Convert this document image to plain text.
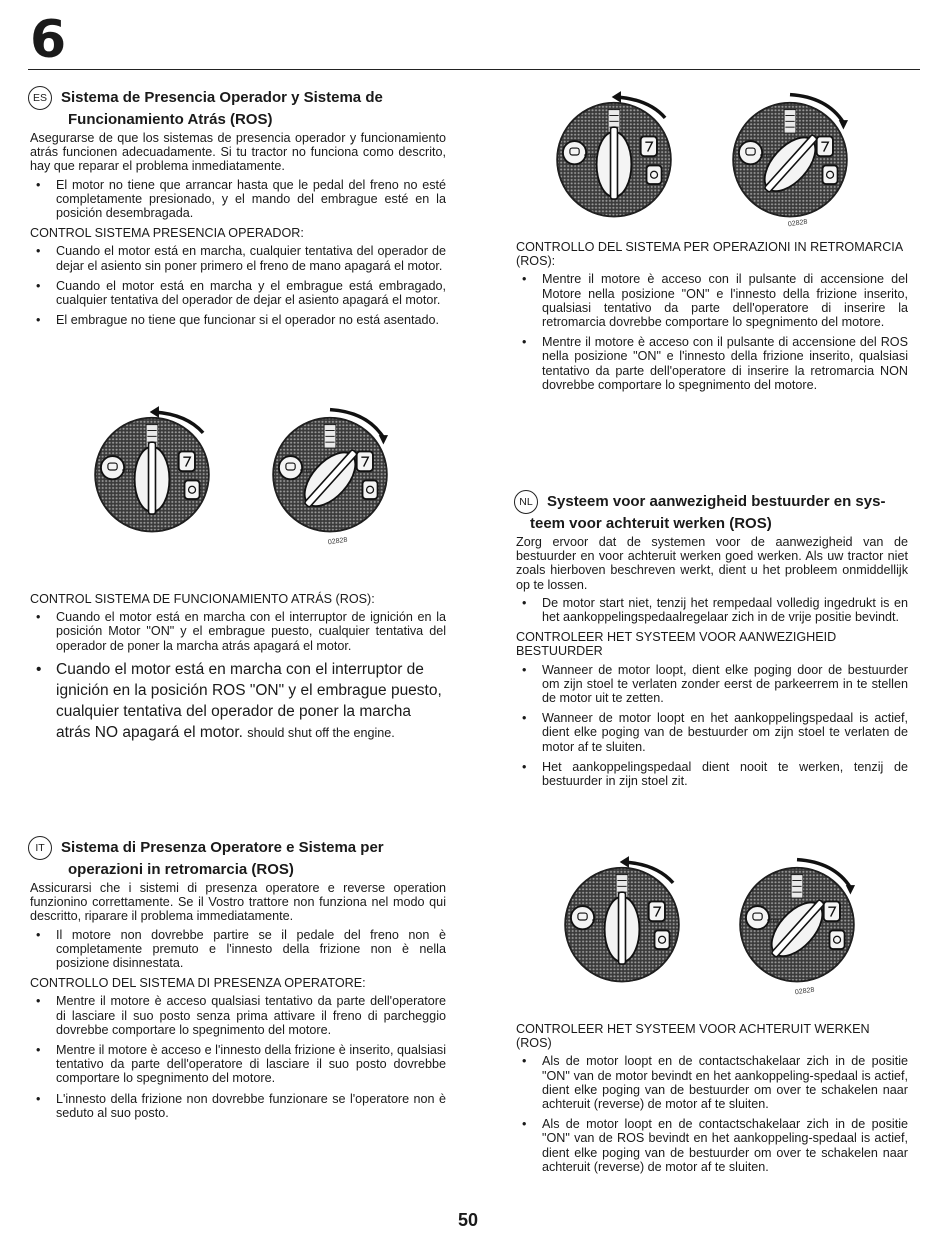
6
ES Sistema de Presencia Operador y Sistema de
Funcionamiento Atrás (ROS)

Asegurarse de que los sistemas de presencia operador y funcionamiento atrás funcionen adecuadamente. Si tu tractor no funciona como descrito, hay que reparar el problema inmediatamente.

• El motor no tiene que arrancar hasta que le pedal del freno no esté completamente presionado, y el mando del embrague esté en la posición desembragada.
CONTROL SISTEMA PRESENCIA OPERADOR:
• Cuando el motor está en marcha, cualquier tentativa del operador de dejar el asiento sin poner primero el freno de mano apagará el motor.
• Cuando el motor está en marcha y el embrague está embragado, cualquier tentativa del operador de dejar el asiento apagará el motor.
• El embrague no tiene que funcionar si el operador no está asentado.
CONTROL SISTEMA DE FUNCIONAMIENTO ATRÁS (ROS):
• Cuando el motor está en marcha con el interruptor de ignición en la posición Motor "ON" y el embrague puesto, cualquier tentativa del operador de poner la marcha atrás apagará el motor.
• Cuando el motor está en marcha con el interruptor de ignición en la posición ROS "ON" y el embrague puesto, cualquier tentativa del operador de poner la marcha atrás NO apagará el motor. should shut off the engine.
IT Sistema di Presenza Operatore e Sistema per
operazioni in retromarcia (ROS)

Assicurarsi che i sistemi di presenza operatore e reverse operation funzionino correttamente. Se il Vostro trattore non funziona nel modo qui descritto, riparare il problema immediatamente.

• Il motore non dovrebbe partire se il pedale del freno non è completamente premuto e l'innesto della frizione non è nella posizione disinnestata.
CONTROLLO DEL SISTEMA DI PRESENZA OPERATORE:
• Mentre il motore è acceso qualsiasi tentativo da parte dell'operatore di lasciare il suo posto senza prima attivare il freno di parcheggio dovrebbe comportare lo spegnimento del motore.
• Mentre il motore è acceso e l'innesto della frizione è inserito, qualsiasi tentativo da parte dell'operatore di lasciare il suo posto dovrebbe comportare lo spegnimento del motore.
• L'innesto della frizione non dovrebbe funzionare se l'operatore non è seduto al suo posto.
CONTROLLO DEL SISTEMA PER OPERAZIONI IN RETROMARCIA (ROS):
• Mentre il motore è acceso con il pulsante di accensione del Motore nella posizione "ON" e l'innesto della frizione inserito, qualsiasi tentativo da parte dell'operatore di inserire la retromarcia dovrebbe comportare lo spegnimento del motore.
• Mentre il motore è acceso con il pulsante di accensione del ROS nella posizione "ON" e l'innesto della frizione inserito, qualsiasi tentativo da parte dell'operatore di inserire la retromarcia NON dovrebbe comportare lo spegnimento del motore.
NL Systeem voor aanwezigheid bestuurder en sys-
teem voor achteruit werken (ROS)

Zorg ervoor dat de systemen voor de aanwezigheid van de bestuurder en voor achteruit werken goed werken. Als uw tractor niet zoals hierboven beschreven werkt, dient u het probleem onmiddellijk op te lossen.

• De motor start niet, tenzij het rempedaal volledig ingedrukt is en het aankoppelingspedaalregelaar zich in de vrije positie bevindt.
CONTROLEER HET SYSTEEM VOOR AANWEZIGHEID BESTUURDER
• Wanneer de motor loopt, dient elke poging door de bestuurder om zijn stoel te verlaten zonder eerst de parkeerrem in te stellen de motor uit te zetten.
• Wanneer de motor loopt en het aankoppelingspedaal is actief, dient elke poging van de bestuurder om zijn stoel te verlaten de motor af te sluiten.
• Het aankoppelingspedaal dient nooit te werken, tenzij de bestuurder in zijn stoel zit.
CONTROLEER HET SYSTEEM VOOR ACHTERUIT WERKEN (ROS)
• Als de motor loopt en de contactschakelaar zich in de positie "ON" van de motor bevindt en het aankoppeling-spedaal is actief, dient elke poging van de bestuurder om over te schakelen naar achteruit (reverse) de motor af te sluiten.
• Als de motor loopt en de contactschakelaar zich in de positie "ON" van de ROS bevindt en het aankoppeling-spedaal is actief, dient elke poging van de bestuurder om over te schakelen naar achteruit (reverse) de motor af te sluiten.
STOP	STOP
02828
STOP	STOP
02828
STOP	STOP
02828
50
